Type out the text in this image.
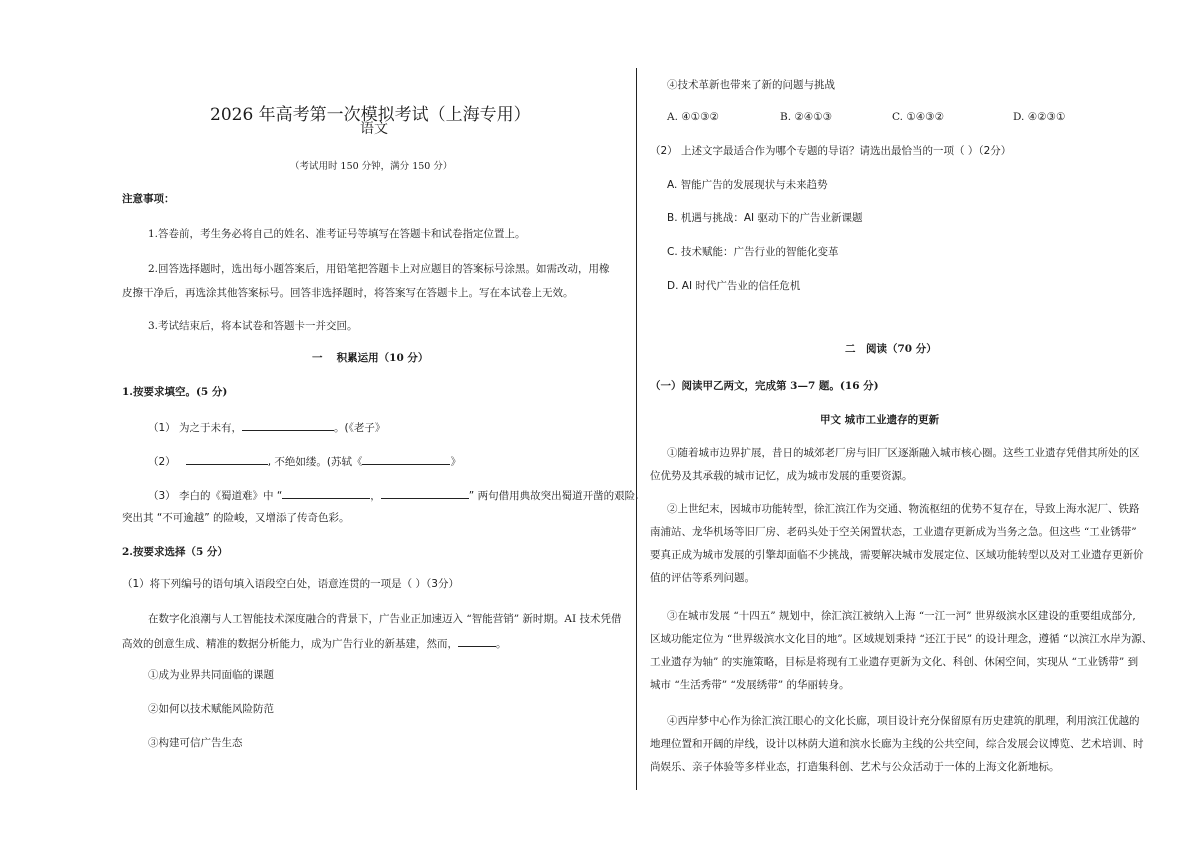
2026 年高考第一次模拟考试（上海专用）
语文
（考试用时 150 分钟，满分 150 分）
注意事项：
1.答卷前，考生务必将自己的姓名、准考证号等填写在答题卡和试卷指定位置上。
2.回答选择题时，选出每小题答案后，用铅笔把答题卡上对应题目的答案标号涂黑。如需改动，用橡
皮擦干净后，再选涂其他答案标号。回答非选择题时，将答案写在答题卡上。写在本试卷上无效。
3.考试结束后，将本试卷和答题卡一并交回。
一　 积累运用（10 分）
1.按要求填空。(5 分)
（1） 为之于未有，	。(《老子》
（2）	, 不绝如缕。(苏轼《	》
（3） 李白的《蜀道难》中 “	，	” 两句借用典故突出蜀道开凿的艰险,
突出其 “不可逾越” 的险峻，又增添了传奇色彩。
2.按要求选择（5 分）
（1）将下列编号的语句填入语段空白处，语意连贯的一项是（ ）（3分）
在数字化浪潮与人工智能技术深度融合的背景下，广告业正加速迈入 “智能营销” 新时期。AI 技术凭借
高效的创意生成、精准的数据分析能力，成为广告行业的新基建，然而，	。
①成为业界共同面临的课题
②如何以技术赋能风险防范
③构建可信广告生态
④技术革新也带来了新的问题与挑战
A. ④①③②	B. ②④①③	C. ①④③②	D. ④②③①
（2） 上述文字最适合作为哪个专题的导语？请选出最恰当的一项（ ）（2分）
A. 智能广告的发展现状与未来趋势
B. 机遇与挑战：AI 驱动下的广告业新课题
C. 技术赋能：广告行业的智能化变革
D. AI 时代广告业的信任危机
二　阅读（70 分）
（一）阅读甲乙两文，完成第 3—7 题。(16 分)
甲文 城市工业遗存的更新
①随着城市边界扩展，昔日的城郊老厂房与旧厂区逐渐融入城市核心圈。这些工业遗存凭借其所处的区
位优势及其承载的城市记忆，成为城市发展的重要资源。
②上世纪末，因城市功能转型，徐汇滨江作为交通、物流枢纽的优势不复存在，导致上海水泥厂、铁路
南浦站、龙华机场等旧厂房、老码头处于空关闲置状态，工业遗存更新成为当务之急。但这些 “工业锈带”
要真正成为城市发展的引擎却面临不少挑战，需要解决城市发展定位、区域功能转型以及对工业遗存更新价
值的评估等系列问题。
③在城市发展 “十四五” 规划中，徐汇滨江被纳入上海 “一江一河” 世界级滨水区建设的重要组成部分,
区域功能定位为 “世界级滨水文化目的地”。区域规划秉持 “还江于民” 的设计理念，遵循 “以滨江水岸为源、
工业遗存为轴” 的实施策略，目标是将现有工业遗存更新为文化、科创、休闲空间，实现从 “工业锈带” 到
城市 “生活秀带” “发展绣带” 的华丽转身。
④西岸梦中心作为徐汇滨江眼心的文化长廊，项目设计充分保留原有历史建筑的肌理，利用滨江优越的
地理位置和开阔的岸线，设计以林荫大道和滨水长廊为主线的公共空间，综合发展会议博览、艺术培训、时
尚娱乐、亲子体验等多样业态，打造集科创、艺术与公众活动于一体的上海文化新地标。
